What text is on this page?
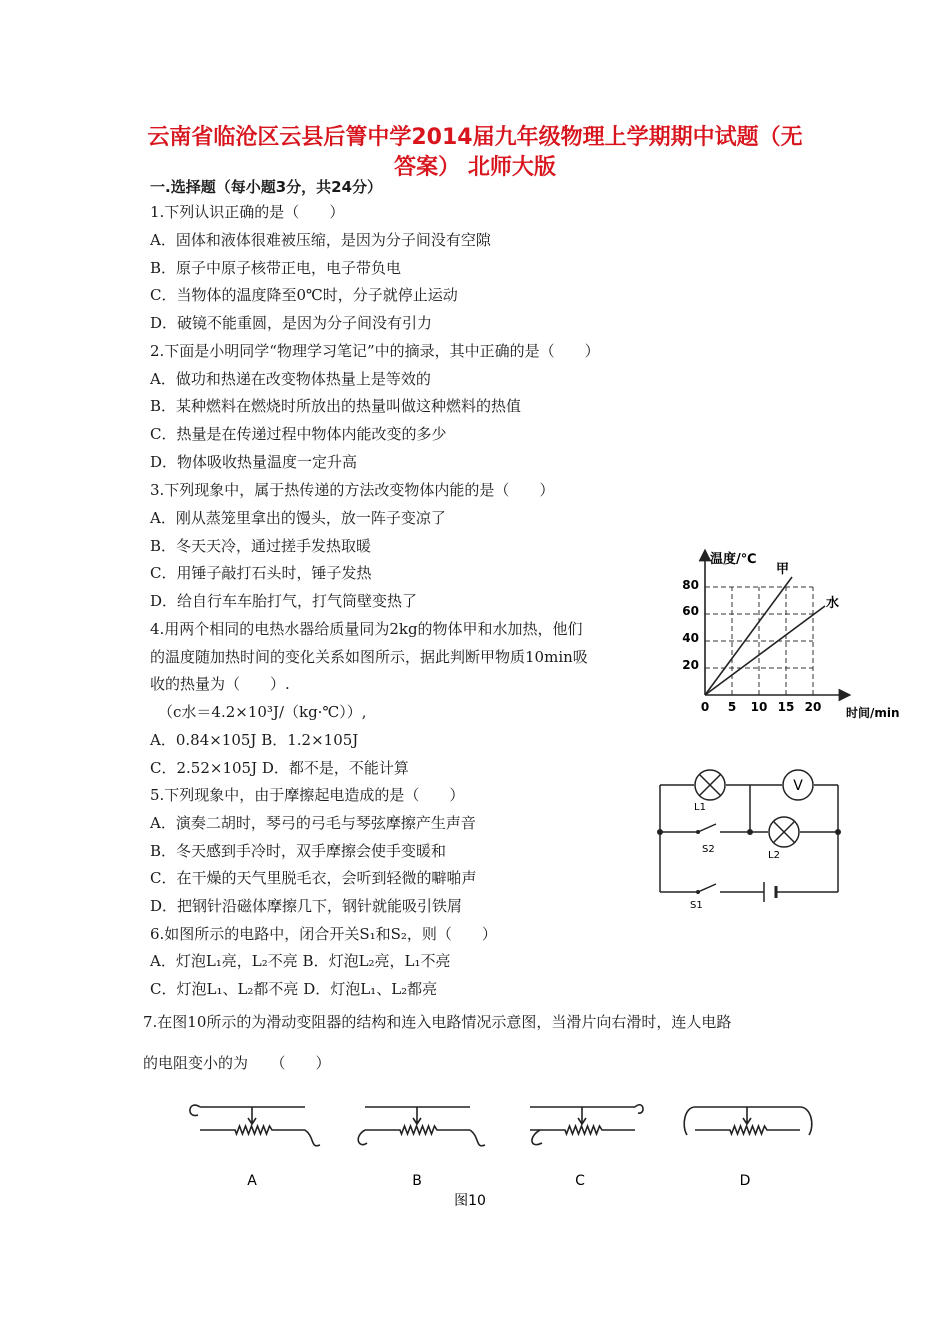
云南省临沧区云县后箐中学2014届九年级物理上学期期中试题（无
答案） 北师大版
一.选择题（每小题3分，共24分）
1.下列认识正确的是（　　）
A．固体和液体很难被压缩，是因为分子间没有空隙
B．原子中原子核带正电，电子带负电
C．当物体的温度降至0℃时，分子就停止运动
D．破镜不能重圆，是因为分子间没有引力
2.下面是小明同学“物理学习笔记”中的摘录，其中正确的是（　　）
A．做功和热递在改变物体热量上是等效的
B．某种燃料在燃烧时所放出的热量叫做这种燃料的热值
C．热量是在传递过程中物体内能改变的多少
D．物体吸收热量温度一定升高
3.下列现象中，属于热传递的方法改变物体内能的是（　　）
A．刚从蒸笼里拿出的馒头，放一阵子变凉了
B．冬天天冷，通过搓手发热取暖
C．用锤子敲打石头时，锤子发热
D．给自行车车胎打气，打气筒壁变热了
4.用两个相同的电热水器给质量同为2kg的物体甲和水加热，他们
的温度随加热时间的变化关系如图所示，据此判断甲物质10min吸
收的热量为（　　）.
（c水＝4.2×10³J/（kg·℃））,
A．0.84×105J B．1.2×105J
C．2.52×105J D．都不是，不能计算
5.下列现象中，由于摩擦起电造成的是（　　）
A．演奏二胡时，琴弓的弓毛与琴弦摩擦产生声音
B．冬天感到手冷时，双手摩擦会使手变暖和
C．在干燥的天气里脱毛衣，会听到轻微的噼啪声
D．把钢针沿磁体摩擦几下，钢针就能吸引铁屑
6.如图所示的电路中，闭合开关S₁和S₂，则（　　）
A．灯泡L₁亮，L₂不亮 B．灯泡L₂亮，L₁不亮
C．灯泡L₁、L₂都不亮 D．灯泡L₁、L₂都亮
7.在图10所示的为滑动变阻器的结构和连入电路情况示意图，当滑片向右滑时，连人电路
的电阻变小的为　　（　　）
温度/℃
时间/min
80
60
40
20
0 5 10 15 20
甲
水
V
L1
L2
S2
S1
A	B	C	D
图10
